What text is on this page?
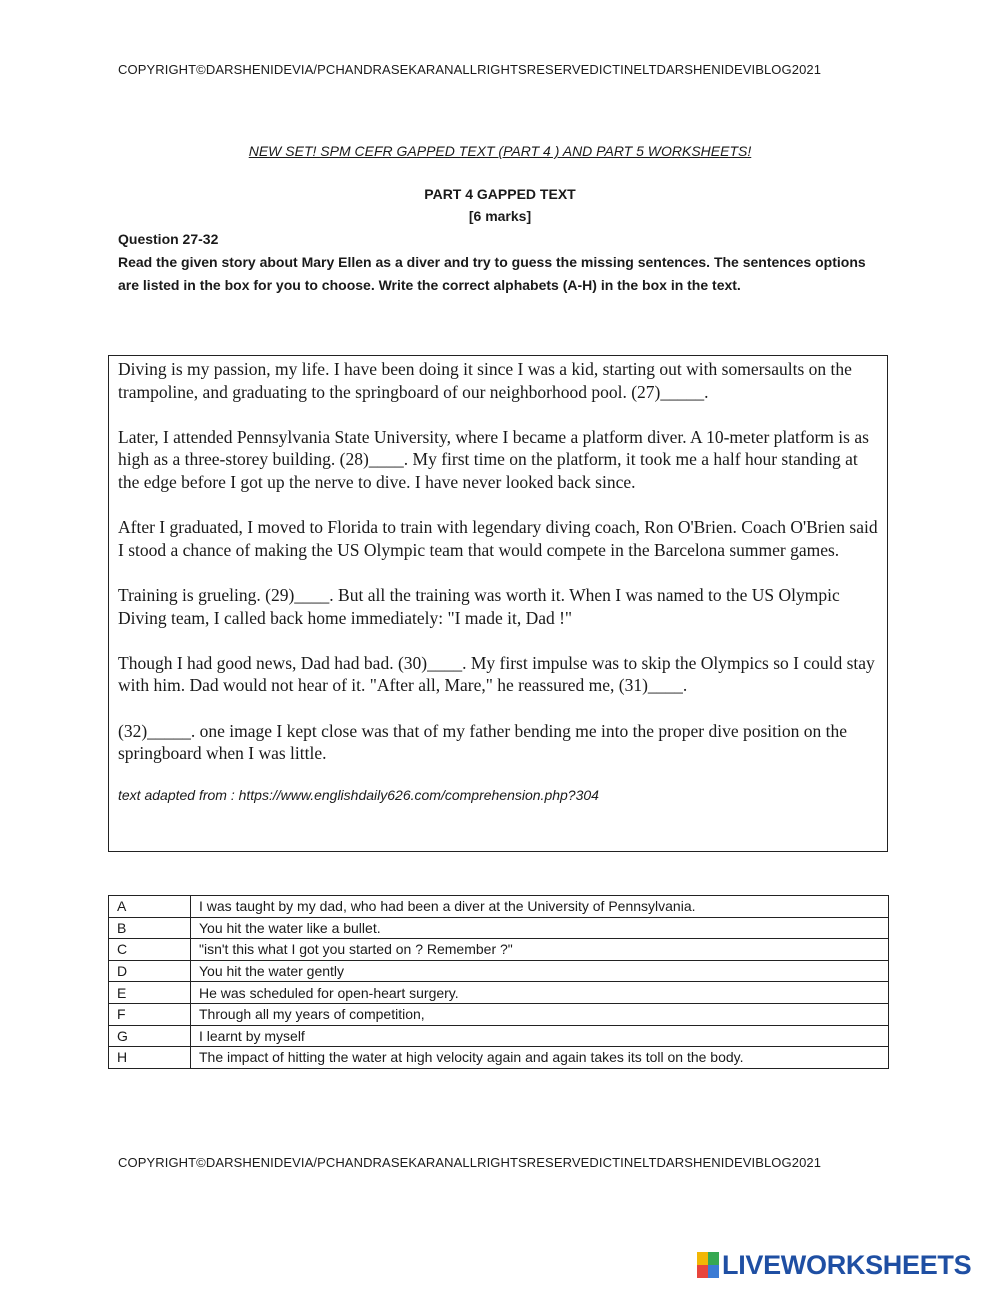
COPYRIGHT©DARSHENIDEVIA/PCHANDRASEKARANALLRIGHTSRESERVEDICTINELTDARSHENIDEVIBLOG2021
NEW SET! SPM CEFR GAPPED TEXT (PART 4 ) AND PART 5 WORKSHEETS!
PART 4 GAPPED TEXT
[6 marks]
Question 27-32
Read the given story about Mary Ellen as a diver and try to guess the missing sentences. The sentences options are listed in the box for you to choose. Write the correct alphabets (A-H) in the box in the text.

Diving is my passion, my life. I have been doing it since I was a kid, starting out with somersaults on the trampoline, and graduating to the springboard of our neighborhood pool. (27)_____.

Later, I attended Pennsylvania State University, where I became a platform diver. A 10-meter platform is as high as a three-storey building. (28)____. My first time on the platform, it took me a half hour standing at the edge before I got up the nerve to dive. I have never looked back since.

After I graduated, I moved to Florida to train with legendary diving coach, Ron O'Brien. Coach O'Brien said I stood a chance of making the US Olympic team that would compete in the Barcelona summer games.

Training is grueling. (29)____. But all the training was worth it. When I was named to the US Olympic Diving team, I called back home immediately: "I made it, Dad !"

Though I had good news, Dad had bad. (30)____. My first impulse was to skip the Olympics so I could stay with him. Dad would not hear of it. "After all, Mare," he reassured me, (31)____.

(32)_____. one image I kept close was that of my father bending me into the proper dive position on the springboard when I was little.

text adapted from : https://www.englishdaily626.com/comprehension.php?304
A	I was taught by my dad, who had been a diver at the University of Pennsylvania.
B	You hit the water like a bullet.
C	"isn't this what I got you started on ? Remember ?"
D	You hit the water gently
E	He was scheduled for open-heart surgery.
F	Through all my years of competition,
G	I learnt by myself
H	The impact of hitting the water at high velocity again and again takes its toll on the body.
COPYRIGHT©DARSHENIDEVIA/PCHANDRASEKARANALLRIGHTSRESERVEDICTINELTDARSHENIDEVIBLOG2021
LIVEWORKSHEETS
